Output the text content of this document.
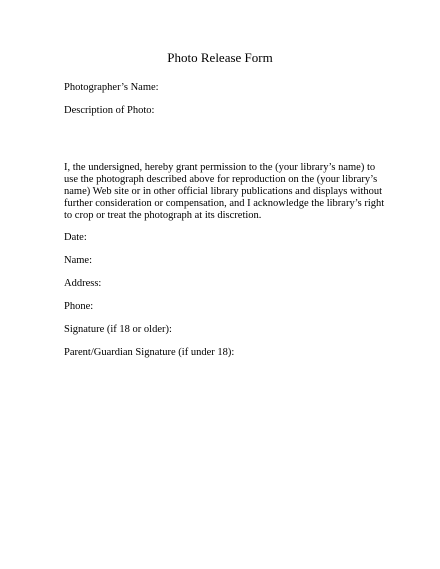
Photo Release Form
Photographer’s Name:
Description of Photo:
I, the undersigned, hereby grant permission to the (your library’s name) to
use the photograph described above for reproduction on the (your library’s
name) Web site or in other official library publications and displays without
further consideration or compensation, and I acknowledge the library’s right
to crop or treat the photograph at its discretion.
Date:
Name:
Address:
Phone:
Signature (if 18 or older):
Parent/Guardian Signature (if under 18):
